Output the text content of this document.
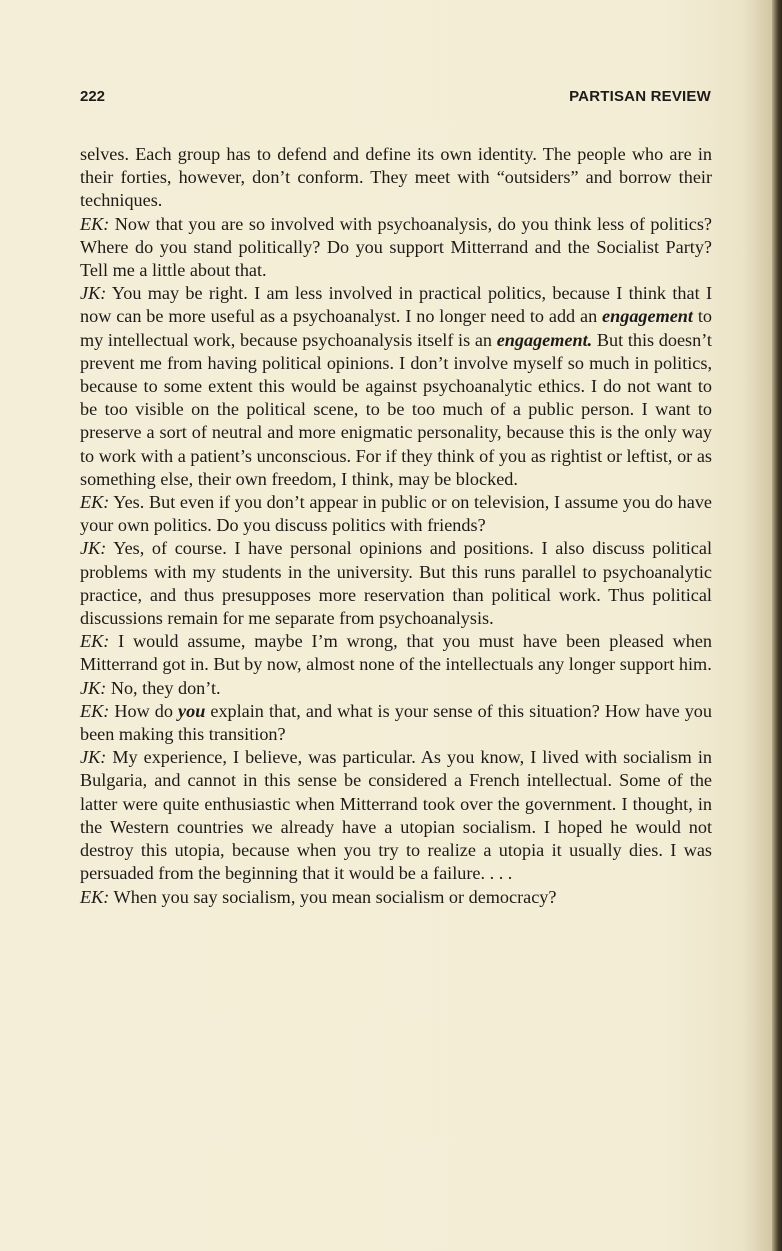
222	PARTISAN REVIEW

selves. Each group has to defend and define its own identity. The people who are in their forties, however, don’t conform. They meet with “outsiders” and borrow their techniques.

EK: Now that you are so involved with psychoanalysis, do you think less of politics? Where do you stand politically? Do you support Mitterrand and the Socialist Party? Tell me a little about that.

JK: You may be right. I am less involved in practical politics, because I think that I now can be more useful as a psychoanalyst. I no longer need to add an engagement to my intellectual work, because psychoanalysis itself is an engagement. But this doesn’t prevent me from having political opinions. I don’t involve myself so much in politics, because to some extent this would be against psychoanalytic ethics. I do not want to be too visible on the political scene, to be too much of a public person. I want to preserve a sort of neutral and more enigmatic personality, because this is the only way to work with a patient’s unconscious. For if they think of you as rightist or leftist, or as something else, their own freedom, I think, may be blocked.

EK: Yes. But even if you don’t appear in public or on television, I assume you do have your own politics. Do you discuss politics with friends?

JK: Yes, of course. I have personal opinions and positions. I also discuss political problems with my students in the university. But this runs parallel to psychoanalytic practice, and thus presupposes more reservation than political work. Thus political discussions remain for me separate from psychoanalysis.

EK: I would assume, maybe I’m wrong, that you must have been pleased when Mitterrand got in. But by now, almost none of the intellectuals any longer support him.

JK: No, they don’t.

EK: How do you explain that, and what is your sense of this situation? How have you been making this transition?

JK: My experience, I believe, was particular. As you know, I lived with socialism in Bulgaria, and cannot in this sense be considered a French intellectual. Some of the latter were quite enthusiastic when Mitterrand took over the government. I thought, in the Western countries we already have a utopian socialism. I hoped he would not destroy this utopia, because when you try to realize a utopia it usually dies. I was persuaded from the beginning that it would be a failure. . . .

EK: When you say socialism, you mean socialism or democracy?
